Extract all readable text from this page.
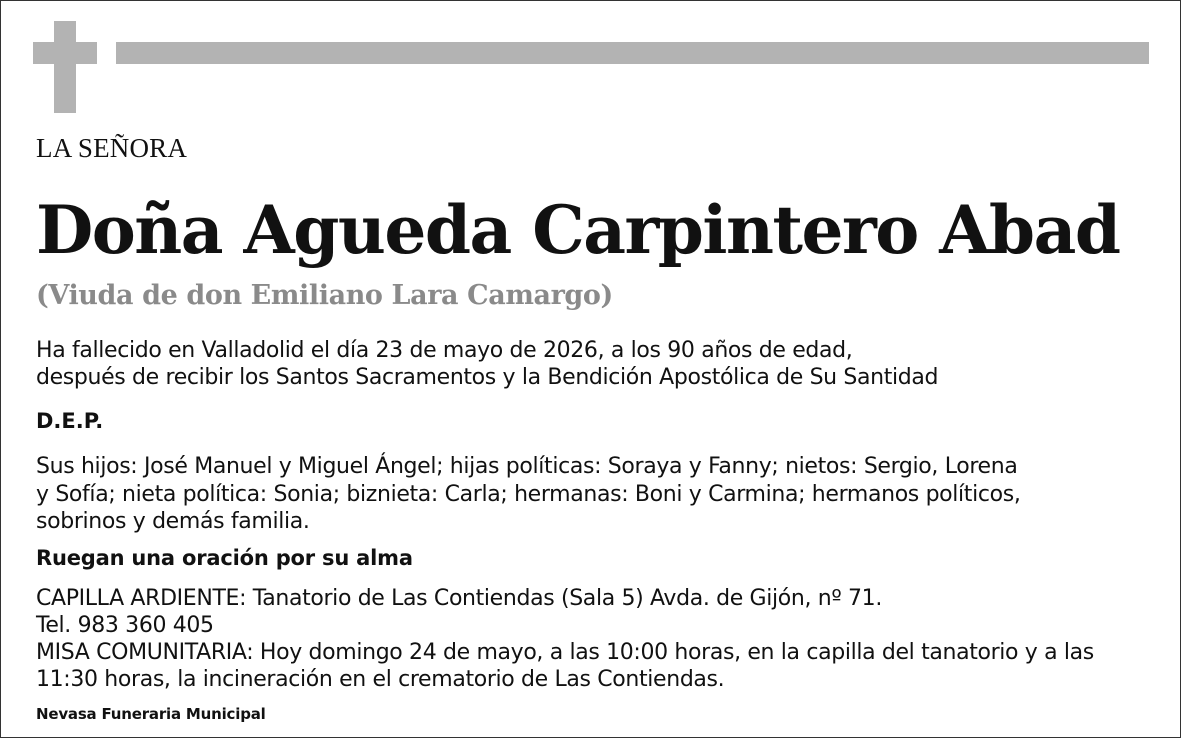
LA SEÑORA

Doña Agueda Carpintero Abad

(Viuda de don Emiliano Lara Camargo)

Ha fallecido en Valladolid el día 23 de mayo de 2026, a los 90 años de edad,

después de recibir los Santos Sacramentos y la Bendición Apostólica de Su Santidad

D.E.P.

Sus hijos: José Manuel y Miguel Ángel; hijas políticas: Soraya y Fanny; nietos: Sergio, Lorena

y Sofía; nieta política: Sonia; biznieta: Carla; hermanas: Boni y Carmina; hermanos políticos,

sobrinos y demás familia.

Ruegan una oración por su alma

CAPILLA ARDIENTE: Tanatorio de Las Contiendas (Sala 5) Avda. de Gijón, nº 71.

Tel. 983 360 405

MISA COMUNITARIA: Hoy domingo 24 de mayo, a las 10:00 horas, en la capilla del tanatorio y a las

11:30 horas, la incineración en el crematorio de Las Contiendas.

Nevasa Funeraria Municipal
